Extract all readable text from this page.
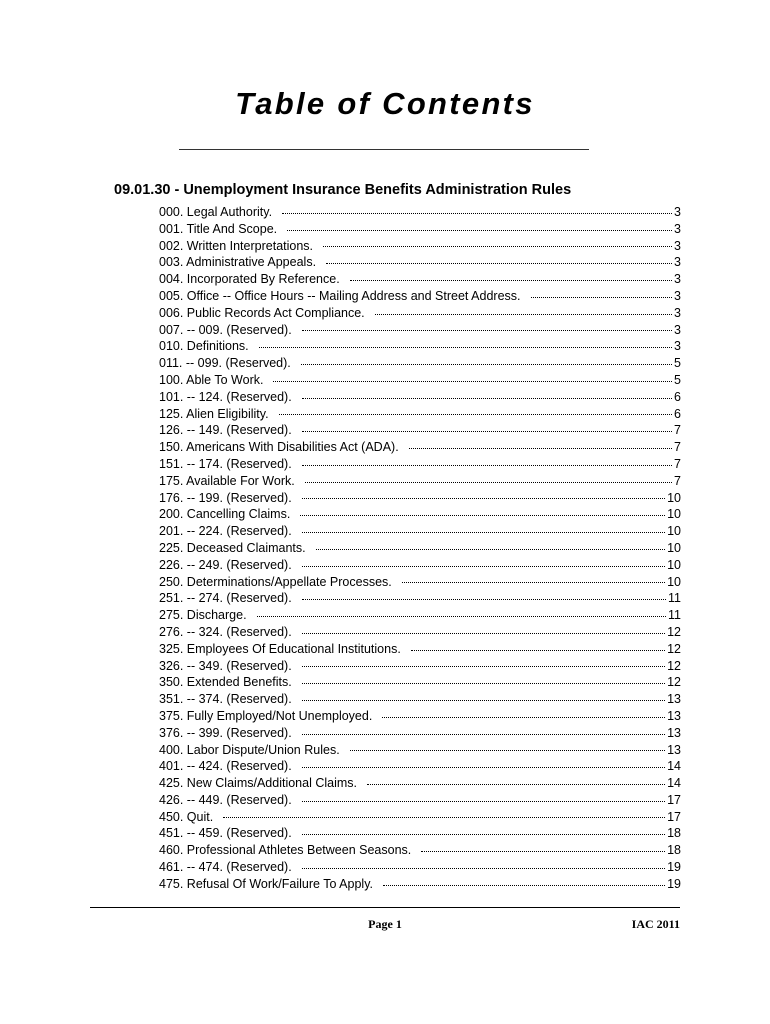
Table of Contents
09.01.30 - Unemployment Insurance Benefits Administration Rules
000. Legal Authority.	3
001. Title And Scope.	3
002. Written Interpretations.	3
003. Administrative Appeals.	3
004. Incorporated By Reference.	3
005. Office -- Office Hours -- Mailing Address and Street Address.	3
006. Public Records Act Compliance.	3
007. -- 009. (Reserved).	3
010. Definitions.	3
011. -- 099. (Reserved).	5
100. Able To Work.	5
101. -- 124. (Reserved).	6
125. Alien Eligibility.	6
126. -- 149. (Reserved).	7
150. Americans With Disabilities Act (ADA).	7
151. -- 174. (Reserved).	7
175. Available For Work.	7
176. -- 199. (Reserved).	10
200. Cancelling Claims.	10
201. -- 224. (Reserved).	10
225. Deceased Claimants.	10
226. -- 249. (Reserved).	10
250. Determinations/Appellate Processes.	10
251. -- 274. (Reserved).	11
275. Discharge.	11
276. -- 324. (Reserved).	12
325. Employees Of Educational Institutions.	12
326. -- 349. (Reserved).	12
350. Extended Benefits.	12
351. -- 374. (Reserved).	13
375. Fully Employed/Not Unemployed.	13
376. -- 399. (Reserved).	13
400. Labor Dispute/Union Rules.	13
401. -- 424. (Reserved).	14
425. New Claims/Additional Claims.	14
426. -- 449. (Reserved).	17
450. Quit.	17
451. -- 459. (Reserved).	18
460. Professional Athletes Between Seasons.	18
461. -- 474. (Reserved).	19
475. Refusal Of Work/Failure To Apply.	19
Page 1	IAC 2011
